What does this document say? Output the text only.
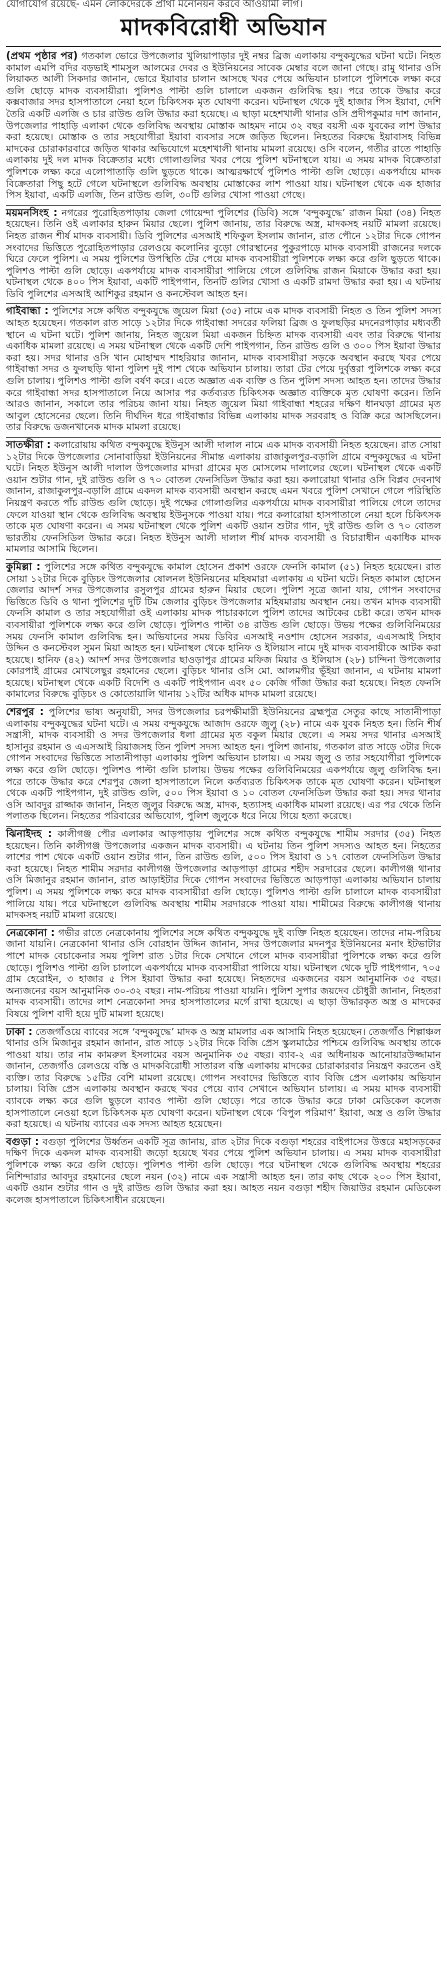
যোগাযোগ রয়েছে- এমন লোকদেরকে প্রার্থী মনোনয়ন করবে আওয়ামী লীগ।
মাদকবিরোধী অভিযান

(প্রথম পৃষ্ঠার পর) গতকাল ভোরে উপজেলার খুলিয়াপাড়ার দুই নম্বর ব্রিজ এলাকায় বন্দুকযুদ্ধের ঘটনা ঘটে। নিহত কামাল এমপি বদির বড়ভাই শামসুল আলমের দেবর ও ইউনিয়নের সাবেক মেম্বার বলে জানা গেছে। রামু থানার ওসি লিয়াকত আলী সিকদার জানান, ভোরে ইয়াবার চালান আসছে খবর পেয়ে অভিযান চালালে পুলিশকে লক্ষ্য করে গুলি ছোড়ে মাদক ব্যবসায়ীরা। পুলিশও পাল্টা গুলি চালালে একজন গুলিবিদ্ধ হয়। পরে তাকে উদ্ধার করে কক্সবাজার সদর হাসপাতালে নেয়া হলে চিকিৎসক মৃত ঘোষণা করেন। ঘটনাস্থল থেকে দুই হাজার পিস ইয়াবা, দেশি তৈরি একটি এলজি ও চার রাউন্ড গুলি উদ্ধার করা হয়েছে। এ ছাড়া মহেশখালী থানার ওসি প্রদীপকুমার দাশ জানান, উপজেলার পাহাড়ি এলাকা থেকে গুলিবিদ্ধ অবস্থায় মোস্তাক আহমদ নামে ৩২ বছর বয়সী এক যুবকের লাশ উদ্ধার করা হয়েছে। মোস্তাক ও তার সহযোগীরা ইয়াবা ব্যবসার সঙ্গে জড়িত ছিলেন। নিহতের বিরুদ্ধে ইয়াবাসহ বিভিন্ন মাদকের চোরাকারবারে জড়িত থাকার অভিযোগে মহেশখালী থানায় মামলা রয়েছে। ওসি বলেন, গতীর রাতে পাহাড়ি এলাকায় দুই দল মাদক বিক্রেতার মধ্যে গোলাগুলির খবর পেয়ে পুলিশ ঘটনাস্থলে যায়। এ সময় মাদক বিক্রেতারা পুলিশকে লক্ষ্য করে এলোপাতাড়ি গুলি ছুড়তে থাকে। আত্মরক্ষার্থে পুলিশও পাল্টা গুলি ছোড়ে। একপর্যায়ে মাদক বিক্রেতারা পিছু হটে গেলে ঘটনাস্থলে গুলিবিদ্ধ অবস্থায় মোস্তাকের লাশ পাওয়া যায়। ঘটনাস্থল থেকে এক হাজার পিস ইয়াবা, একটি এলজি, তিন রাউন্ড গুলি, ৩০টি গুলির খোসা পাওয়া গেছে।

ময়মনসিংহ : নগরের পুরোহিতপাড়ায় জেলা গোয়েন্দা পুলিশের (ডিবি) সঙ্গে ‘বন্দুকযুদ্ধে’ রাজন মিয়া (৩৪) নিহত হয়েছেন। তিনি ওই এলাকার হারুন মিয়ার ছেলে। পুলিশ জানায়, তার বিরুদ্ধে অস্ত্র, মাদকসহ নয়টি মামলা রয়েছে। নিহত রাজন শীর্ষ মাদক ব্যবসায়ী। ডিবি পুলিশের এসআই শফিকুল ইসলাম জানান, রাত পৌনে ১২টার দিকে গোপন সংবাদের ভিত্তিতে পুরোহিতপাড়ার রেলওয়ে কলোনির বুড়ো গোরস্থানের পুকুরপাড়ে মাদক ব্যবসায়ী রাজনের দলকে ঘিরে ফেলে পুলিশ। এ সময় পুলিশের উপস্থিতি টের পেয়ে মাদক ব্যবসায়ীরা পুলিশকে লক্ষ্য করে গুলি ছুড়তে থাকে। পুলিশও পাল্টা গুলি ছোড়ে। একপর্যায়ে মাদক ব্যবসায়ীরা পালিয়ে গেলে গুলিবিদ্ধ রাজন মিয়াকে উদ্ধার করা হয়। ঘটনাস্থল থেকে ৪০০ পিস ইয়াবা, একটি পাইপগান, তিনটি গুলির খোসা ও একটি রামদা উদ্ধার করা হয়। এ ঘটনায় ডিবি পুলিশের এসআই আশিকুর রহমান ও কনস্টেবল আহত হন।

গাইবান্ধা : পুলিশের সঙ্গে কথিত বন্দুকযুদ্ধে জুয়েল মিয়া (৩৫) নামে এক মাদক ব্যবসায়ী নিহত ও তিন পুলিশ সদস্য আহত হয়েছেন। গতকাল রাত সাড়ে ১২টার দিকে গাইবান্ধা সদরের ফলিয়া ব্রিজ ও ফুলছড়ির মদনেরপাড়ার মধ্যবর্তী স্থানে এ ঘটনা ঘটে। পুলিশ জানায়, নিহত জুয়েল মিয়া একজন চিহ্নিত মাদক ব্যবসায়ী এবং তার বিরুদ্ধে থানায় একাধিক মামলা রয়েছে। এ সময় ঘটনাস্থল থেকে একটি দেশি পাইপগান, তিন রাউন্ড গুলি ও ৩০০ পিস ইয়াবা উদ্ধার করা হয়। সদর থানার ওসি খান মোহাম্মদ শাহরিয়ার জানান, মাদক ব্যবসায়ীরা সড়কে অবস্থান করছে খবর পেয়ে গাইবান্ধা সদর ও ফুলছড়ি থানা পুলিশ দুই পাশ থেকে অভিযান চালায়। তারা টের পেয়ে দুর্বৃত্তরা পুলিশকে লক্ষ্য করে গুলি চালায়। পুলিশও পাল্টা গুলি বর্ষণ করে। এতে অজ্ঞাত এক ব্যক্তি ও তিন পুলিশ সদস্য আহত হন। তাদের উদ্ধার করে গাইবান্ধা সদর হাসপাতালে নিয়ে আসার পর কর্তব্যরত চিকিৎসক অজ্ঞাত ব্যক্তিকে মৃত ঘোষণা করেন। তিনি আরও জানান, সকালে তার পরিচয় জানা যায়। নিহত জুয়েল মিয়া গাইবান্ধা শহরের দক্ষিণ ধানঘড়া গ্রামের মৃত আবুল হোসেনের ছেলে। তিনি দীর্ঘদিন ধরে গাইবান্ধার বিভিন্ন এলাকায় মাদক সরবরাহ ও বিক্রি করে আসছিলেন। তার বিরুদ্ধে ডজনখানেক মাদক মামলা রয়েছে।

সাতক্ষীরা : কলারোয়ায় কথিত বন্দুকযুদ্ধে ইউনুস আলী দালাল নামে এক মাদক ব্যবসায়ী নিহত হয়েছেন। রাত সোয়া ১২টার দিকে উপজেলার সোনাবাড়িয়া ইউনিয়নের সীমান্ত এলাকায় রাজাকুলপুর-বড়ালি গ্রামে বন্দুকযুদ্ধের এ ঘটনা ঘটে। নিহত ইউনুস আলী দালাল উপজেলার মাদরা গ্রামের মৃত মোসলেম দালালের ছেলে। ঘটনাস্থল থেকে একটি ওয়ান শুটার গান, দুই রাউন্ড গুলি ও ৭০ বোতল ফেনসিডিল উদ্ধার করা হয়। কলারোয়া থানার ওসি বিপ্লব দেবনাথ জানান, রাজাকুলপুর-বড়ালি গ্রামে একদল মাদক ব্যবসায়ী অবস্থান করছে এমন খবরে পুলিশ সেখানে গেলে পরিস্থিতি নিয়ন্ত্রণ করতে পাঁচ রাউন্ড গুলি ছোড়ে। দুই পক্ষের গোলাগুলির একপর্যায়ে মাদক ব্যবসায়ীরা পালিয়ে গেলে তাদের ফেলে যাওয়া স্থান থেকে গুলিবিদ্ধ অবস্থায় ইউনুসকে পাওয়া যায়। পরে কলারোয়া হাসপাতালে নেয়া হলে চিকিৎসক তাকে মৃত ঘোষণা করেন। এ সময় ঘটনাস্থল থেকে পুলিশ একটি ওয়ান শুটার গান, দুই রাউন্ড গুলি ও ৭০ বোতল ভারতীয় ফেনসিডিল উদ্ধার করে। নিহত ইউনুস আলী দালাল শীর্ষ মাদক ব্যবসায়ী ও বিচারাধীন একাধিক মাদক মামলার আসামি ছিলেন।

কুমিল্লা : পুলিশের সঙ্গে কথিত বন্দুকযুদ্ধে কামাল হোসেন প্রকাশ ওরফে ফেনসি কামাল (৫১) নিহত হয়েছেন। রাত সোয়া ১২টার দিকে বুড়িচং উপজেলার ষোলনল ইউনিয়নের মহিষমারা এলাকায় এ ঘটনা ঘটে। নিহত কামাল হোসেন জেলার আদর্শ সদর উপজেলার রসুলপুর গ্রামের হারুন মিয়ার ছেলে। পুলিশ সূত্রে জানা যায়, গোপন সংবাদের ভিত্তিতে ডিবি ও থানা পুলিশের দুটি টিম জেলার বুড়িচং উপজেলার মহিষমারায় অবস্থান নেয়। তখন মাদক ব্যবসায়ী ফেনসি কামাল ও তার সহযোগীরা ওই এলাকায় মাদক পাচারকালে পুলিশ তাদের আটকের চেষ্টা করে। তখন মাদক ব্যবসায়ীরা পুলিশকে লক্ষ্য করে গুলি ছোড়ে। পুলিশও পাল্টা ৩৪ রাউন্ড গুলি ছোড়ে। উভয় পক্ষের গুলিবিনিময়ের সময় ফেনসি কামাল গুলিবিদ্ধ হন। অভিযানের সময় ডিবির এসআই নওশাদ হোসেন সরকার, এএসআই সিহাব উদ্দিন ও কনস্টেবল সুমন মিয়া আহত হন। ঘটনাস্থল থেকে হানিফ ও ইলিয়াস নামে দুই মাদক ব্যবসায়ীকে আটক করা হয়েছে। হানিফ (৪২) আদর্শ সদর উপজেলার ছাওড়াপুর গ্রামের মফিজ মিয়ার ও ইলিয়াস (২৮) চান্দিনা উপজেলার কোরপাই গ্রামের মোখলেছুর রহমানের ছেলে। বুড়িচং থানার ওসি মো. আলমগীর ভূঁইয়া জানান, এ ঘটনায় মামলা হয়েছে। ঘটনাস্থল থেকে একটি বিদেশি ও একটি পাইপগান এবং ৫০ কেজি গাঁজা উদ্ধার করা হয়েছে। নিহত ফেনসি কামালের বিরুদ্ধে বুড়িচং ও কোতোয়ালি থানায় ১২টির অধিক মাদক মামলা রয়েছে।

শেরপুর : পুলিশের ভাষ্য অনুযায়ী, সদর উপজেলার চরপক্ষীমারী ইউনিয়নের ব্রহ্মপুত্র সেতুর কাছে সাতানীপাড়া এলাকায় বন্দুকযুদ্ধের ঘটনা ঘটে। এ সময় বন্দুকযুদ্ধে আজাদ ওরফে জুলু (২৮) নামে এক যুবক নিহত হন। তিনি শীর্ষ সন্ত্রাসী, মাদক ব্যবসায়ী ও সদর উপজেলার ধলা গ্রামের মৃত বকুল মিয়ার ছেলে। এ সময় সদর থানার এসআই হাসানুর রহমান ও এএসআই রিয়াজসহ তিন পুলিশ সদস্য আহত হন। পুলিশ জানায়, গতকাল রাত সাড়ে ৩টার দিকে গোপন সংবাদের ভিত্তিতে সাতানীপাড়া এলাকায় পুলিশ অভিযান চালায়। এ সময় জুলু ও তার সহযোগীরা পুলিশকে লক্ষ্য করে গুলি ছোড়ে। পুলিশও পাল্টা গুলি চালায়। উভয় পক্ষের গুলিবিনিময়ের একপর্যায়ে জুলু গুলিবিদ্ধ হন। পরে তাকে উদ্ধার করে শেরপুর জেলা হাসপাতালে নিলে কর্তব্যরত চিকিৎসক তাকে মৃত ঘোষণা করেন। ঘটনাস্থল থেকে একটি পাইপগান, দুই রাউন্ড গুলি, ৫০০ পিস ইয়াবা ও ১০ বোতল ফেনসিডিল উদ্ধার করা হয়। সদর থানার ওসি আবদুর রাজ্জাক জানান, নিহত জুলুর বিরুদ্ধে অস্ত্র, মাদক, হত্যাসহ একাধিক মামলা রয়েছে। এর পর থেকে তিনি পলাতক ছিলেন। নিহতের পরিবারের অভিযোগ, পুলিশ জুলুকে ধরে নিয়ে গিয়ে হত্যা করেছে।

ঝিনাইদহ : কালীগঞ্জ পৌর এলাকার আড়পাড়ায় পুলিশের সঙ্গে কথিত বন্দুকযুদ্ধে শামীম সরদার (৩৫) নিহত হয়েছেন। তিনি কালীগঞ্জ উপজেলার একজন মাদক ব্যবসায়ী। এ ঘটনায় তিন পুলিশ সদস্যও আহত হন। নিহতের লাশের পাশ থেকে একটি ওয়ান শুটার গান, তিন রাউন্ড গুলি, ৫০০ পিস ইয়াবা ও ১৭ বোতল ফেনসিডিল উদ্ধার করা হয়েছে। নিহত শামীম সরদার কালীগঞ্জ উপজেলার আড়পাড়া গ্রামের শহীদ সরদারের ছেলে। কালীগঞ্জ থানার ওসি মিজানুর রহমান জানান, রাত আড়াইটার দিকে গোপন সংবাদের ভিত্তিতে আড়পাড়া এলাকায় অভিযান চালায় পুলিশ। এ সময় পুলিশকে লক্ষ্য করে মাদক ব্যবসায়ীরা গুলি ছোড়ে। পুলিশও পাল্টা গুলি চালালে মাদক ব্যবসায়ীরা পালিয়ে যায়। পরে ঘটনাস্থলে গুলিবিদ্ধ অবস্থায় শামীম সরদারকে পাওয়া যায়। শামীমের বিরুদ্ধে কালীগঞ্জ থানায় মাদকসহ নয়টি মামলা রয়েছে।

নেত্রকোনা : গভীর রাতে নেত্রকোনায় পুলিশের সঙ্গে কথিত বন্দুকযুদ্ধে দুই ব্যক্তি নিহত হয়েছেন। তাদের নাম-পরিচয় জানা যায়নি। নেত্রকোনা থানার ওসি বোরহান উদ্দিন জানান, সদর উপজেলার মদনপুর ইউনিয়নের মনাং ইটভাটার পাশে মাদক বেচাকেনার সময় পুলিশ রাত ১টার দিকে সেখানে গেলে মাদক ব্যবসায়ীরা পুলিশকে লক্ষ্য করে গুলি ছোড়ে। পুলিশও পাল্টা গুলি চালালে একপর্যায়ে মাদক ব্যবসায়ীরা পালিয়ে যায়। ঘটনাস্থল থেকে দুটি পাইপগান, ৭০৫ গ্রাম হেরোইন, ৩ হাজার ৫ পিস ইয়াবা উদ্ধার করা হয়েছে। নিহতদের একজনের বয়স আনুমানিক ৩৫ বছর। অন্যজনের বয়স আনুমানিক ৩০-৩২ বছর। নাম-পরিচয় পাওয়া যায়নি। পুলিশ সুপার জয়দেব চৌধুরী জানান, নিহতরা মাদক ব্যবসায়ী। তাদের লাশ নেত্রকোনা সদর হাসপাতালের মর্গে রাখা হয়েছে। এ ছাড়া উদ্ধারকৃত অস্ত্র ও মাদকের বিষয়ে পুলিশ বাদী হয়ে দুটি মামলা হয়েছে।

ঢাকা : তেজগাঁওয়ে ব্যাবের সঙ্গে ‘বন্দুকযুদ্ধে’ মাদক ও অস্ত্র মামলার এক আসামি নিহত হয়েছেন। তেজগাঁও শিল্পাঞ্চল থানার ওসি মিজানুর রহমান জানান, রাত সাড়ে ১২টার দিকে বিজি প্রেস স্কুলমাঠের পশ্চিমে গুলিবিদ্ধ অবস্থায় তাকে পাওয়া যায়। তার নাম কামরুল ইসলামের বয়স অনুমানিক ৩৫ বছর। ব্যাব-২ এর অধিনায়ক আনোয়ারউজ্জামান জানান, তেজগাঁও রেলওয়ে বস্তি ও মাদকবিরোধী সাতারল বস্তি এলাকায় মাদকের চোরাকারবার নিয়ন্ত্রণ করতেন ওই ব্যক্তি। তার বিরুদ্ধে ১৫টির বেশি মামলা রয়েছে। গোপন সংবাদের ভিত্তিতে ব্যাব বিজি প্রেস এলাকায় অভিযান চালায়। বিজি প্রেস এলাকায় অবস্থান করছে খবর পেয়ে ব্যাব সেখানে অভিযান চালায়। এ সময় মাদক ব্যবসায়ী ব্যাবকে লক্ষ্য করে গুলি ছুড়লে ব্যাবও পাল্টা গুলি ছোড়ে। পরে তাকে উদ্ধার করে ঢাকা মেডিকেল কলেজ হাসপাতালে নেওয়া হলে চিকিৎসক মৃত ঘোষণা করেন। ঘটনাস্থল থেকে ‘বিপুল পরিমাণ’ ইয়াবা, অস্ত্র ও গুলি উদ্ধার করা হয়েছে। এ ঘটনায় ব্যাবের এক সদস্য আহত হয়েছেন।

বগুড়া : বগুড়া পুলিশের উর্ধ্বতন একটি সূত্র জানায়, রাত ২টার দিকে বগুড়া শহরের বাইপাসের উত্তরে মহাসড়কের দক্ষিণ দিকে একদল মাদক ব্যবসায়ী জড়ো হয়েছে খবর পেয়ে পুলিশ অভিযান চালায়। এ সময় মাদক ব্যবসায়ীরা পুলিশকে লক্ষ্য করে গুলি ছোড়ে। পুলিশও পাল্টা গুলি ছোড়ে। পরে ঘটনাস্থল থেকে গুলিবিদ্ধ অবস্থায় শহরের নিশিন্দারার আবদুর রহমানের ছেলে নয়ন (৩২) নামে এক সন্ত্রাসী আহত হন। তার কাছ থেকে ২০০ পিস ইয়াবা, একটি ওয়ান শুটার গান ও দুই রাউন্ড গুলি উদ্ধার করা হয়। আহত নয়ন বগুড়া শহীদ জিয়াউর রহমান মেডিকেল কলেজ হাসপাতালে চিকিৎসাধীন রয়েছেন।
